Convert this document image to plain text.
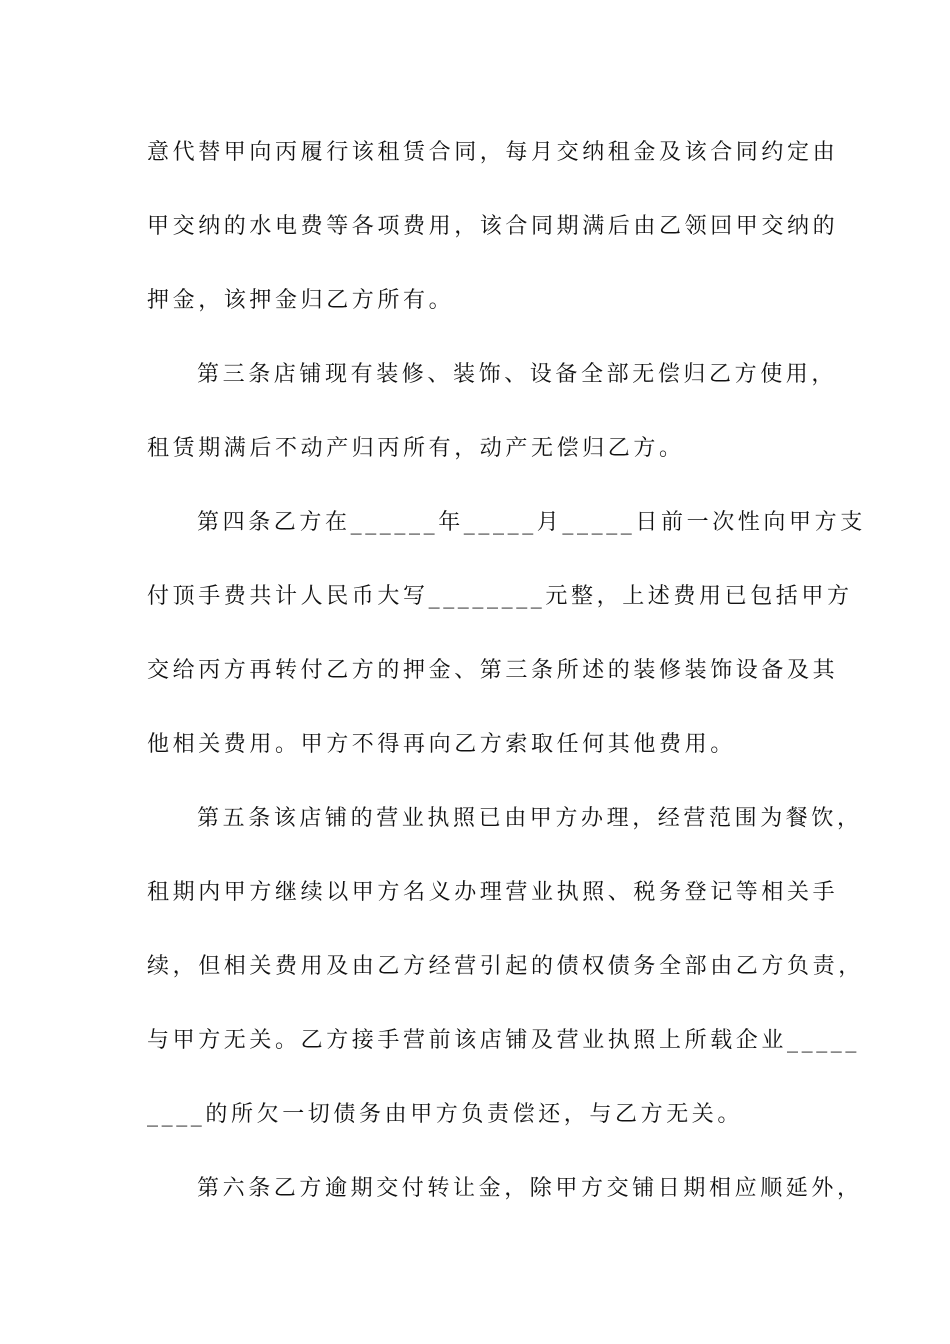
意代替甲向丙履行该租赁合同，每月交纳租金及该合同约定由
甲交纳的水电费等各项费用，该合同期满后由乙领回甲交纳的
押金，该押金归乙方所有。
第三条店铺现有装修、装饰、设备全部无偿归乙方使用，
租赁期满后不动产归丙所有，动产无偿归乙方。
第四条乙方在______年_____月_____日前一次性向甲方支
付顶手费共计人民币大写________元整，上述费用已包括甲方
交给丙方再转付乙方的押金、第三条所述的装修装饰设备及其
他相关费用。甲方不得再向乙方索取任何其他费用。
第五条该店铺的营业执照已由甲方办理，经营范围为餐饮，
租期内甲方继续以甲方名义办理营业执照、税务登记等相关手
续，但相关费用及由乙方经营引起的债权债务全部由乙方负责，
与甲方无关。乙方接手营前该店铺及营业执照上所载企业_____
____的所欠一切债务由甲方负责偿还，与乙方无关。
第六条乙方逾期交付转让金，除甲方交铺日期相应顺延外，
